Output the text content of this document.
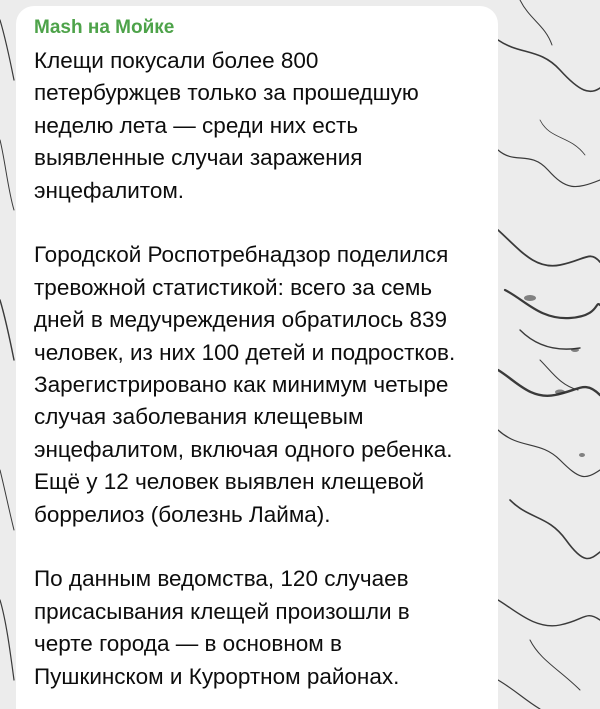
Mash на Мойке

Клещи покусали более 800
петербуржцев только за прошедшую
неделю лета — среди них есть
выявленные случаи заражения
энцефалитом.

Городской Роспотребнадзор поделился
тревожной статистикой: всего за семь
дней в медучреждения обратилось 839
человек, из них 100 детей и подростков.
Зарегистрировано как минимум четыре
случая заболевания клещевым
энцефалитом, включая одного ребенка.
Ещё у 12 человек выявлен клещевой
боррелиоз (болезнь Лайма).

По данным ведомства, 120 случаев
присасывания клещей произошли в
черте города — в основном в
Пушкинском и Курортном районах.
